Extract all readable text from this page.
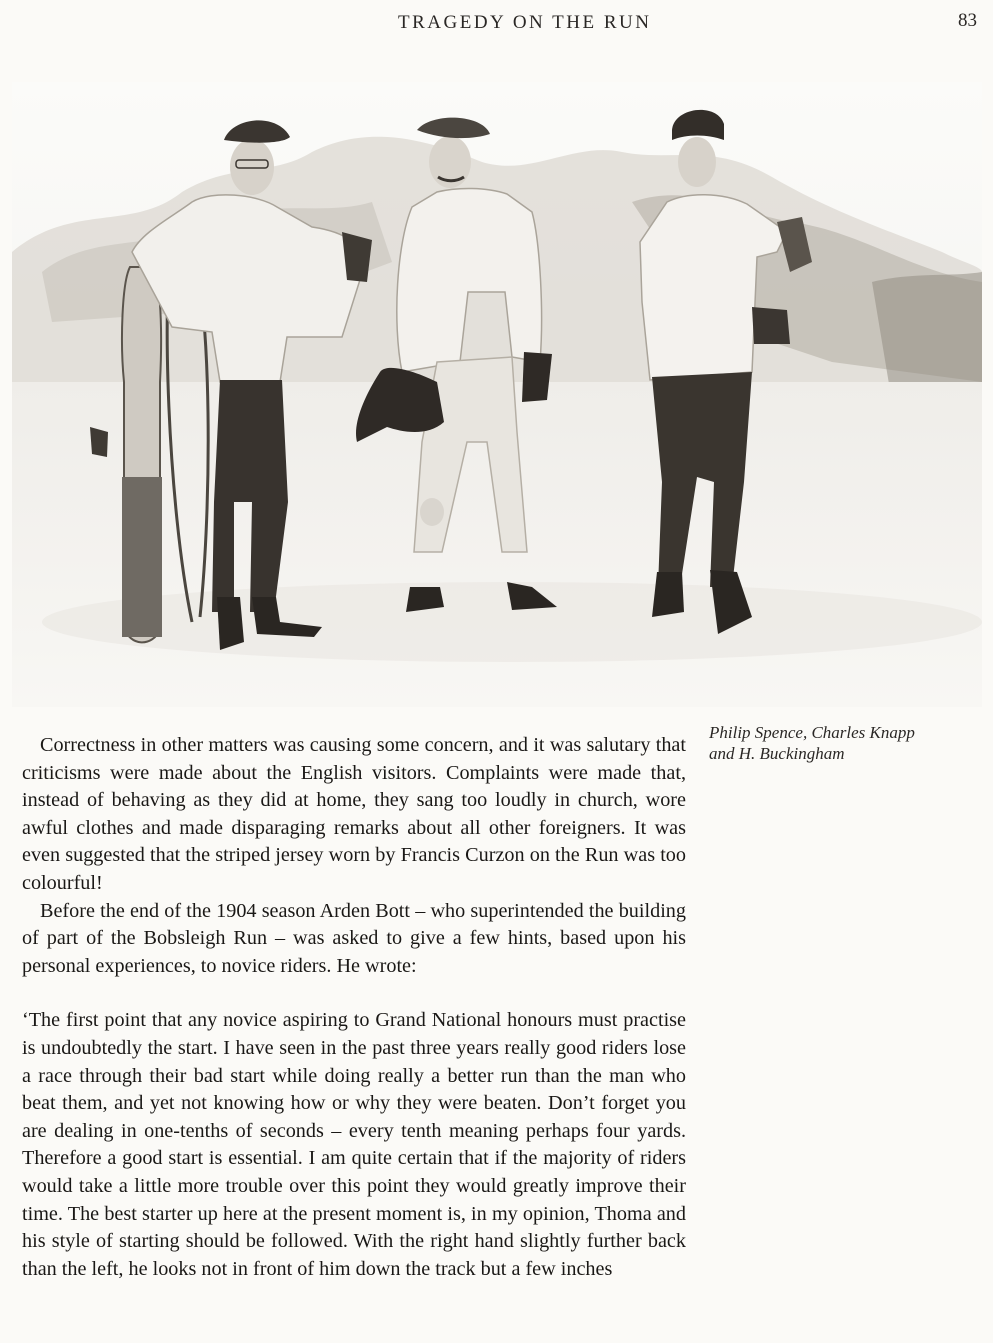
TRAGEDY ON THE RUN	83
Philip Spence, Charles Knapp
and H. Buckingham

Correctness in other matters was causing some concern, and it was salutary that criticisms were made about the English visitors. Complaints were made that, instead of behaving as they did at home, they sang too loudly in church, wore awful clothes and made disparaging remarks about all other foreigners. It was even suggested that the striped jersey worn by Francis Curzon on the Run was too colourful!

Before the end of the 1904 season Arden Bott – who superintended the building of part of the Bobsleigh Run – was asked to give a few hints, based upon his personal experiences, to novice riders. He wrote:

‘The first point that any novice aspiring to Grand National honours must practise is undoubtedly the start. I have seen in the past three years really good riders lose a race through their bad start while doing really a better run than the man who beat them, and yet not knowing how or why they were beaten. Don’t forget you are dealing in one-tenths of seconds – every tenth meaning perhaps four yards. Therefore a good start is essential. I am quite certain that if the majority of riders would take a little more trouble over this point they would greatly improve their time. The best starter up here at the present moment is, in my opinion, Thoma and his style of starting should be followed. With the right hand slightly further back than the left, he looks not in front of him down the track but a few inches
